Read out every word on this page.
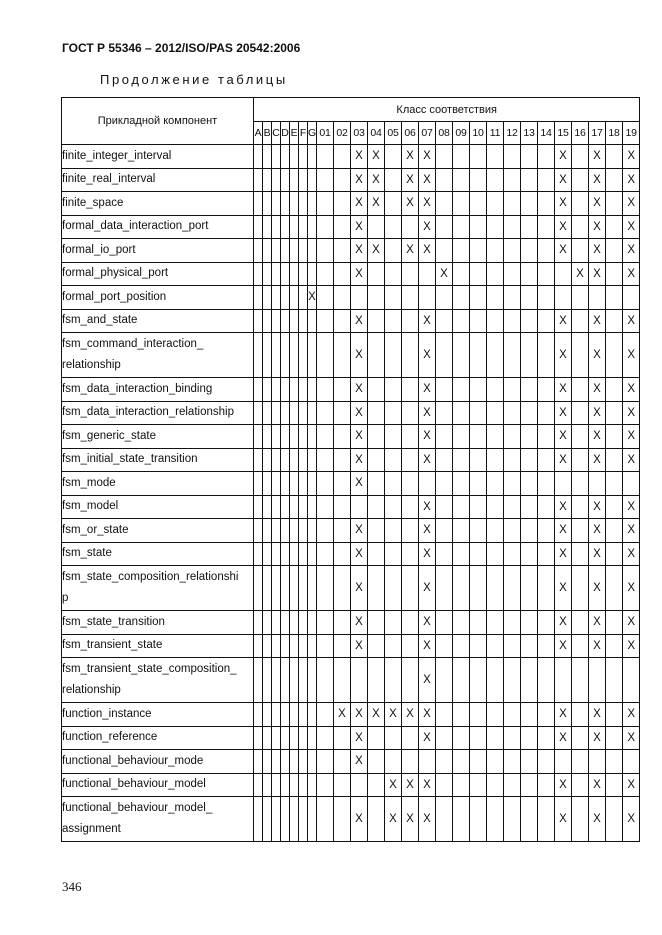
ГОСТ Р 55346 – 2012/ISO/PAS 20542:2006
Продолжение таблицы
Прикладной компонент	Класс соответствия																									
	A	B	C	D	E	F	G	01	02	03	04	05	06	07	08	09	10	11	12	13	14	15	16	17	18	19

finite_integer_interval										X	X		X	X								X		X		X

finite_real_interval										X	X		X	X								X		X		X

finite_space										X	X		X	X								X		X		X

formal_data_interaction_port										X				X								X		X		X

formal_io_port										X	X		X	X								X		X		X

formal_physical_port										X					X								X	X		X

formal_port_position							X																			

fsm_and_state										X				X								X		X		X

fsm_command_interaction_
relationship										X				X								X		X		X

fsm_data_interaction_binding										X				X								X		X		X

fsm_data_interaction_relationship										X				X								X		X		X

fsm_generic_state										X				X								X		X		X

fsm_initial_state_transition										X				X								X		X		X

fsm_mode										X																

fsm_model														X								X		X		X

fsm_or_state										X				X								X		X		X

fsm_state										X				X								X		X		X

fsm_state_composition_relationshi
p										X				X								X		X		X

fsm_state_transition										X				X								X		X		X

fsm_transient_state										X				X								X		X		X

fsm_transient_state_composition_
relationship														X												

function_instance									X	X	X	X	X	X								X		X		X

function_reference										X				X								X		X		X

functional_behaviour_mode										X																

functional_behaviour_model												X	X	X								X		X		X

functional_behaviour_model_
assignment										X		X	X	X								X		X		X
346
